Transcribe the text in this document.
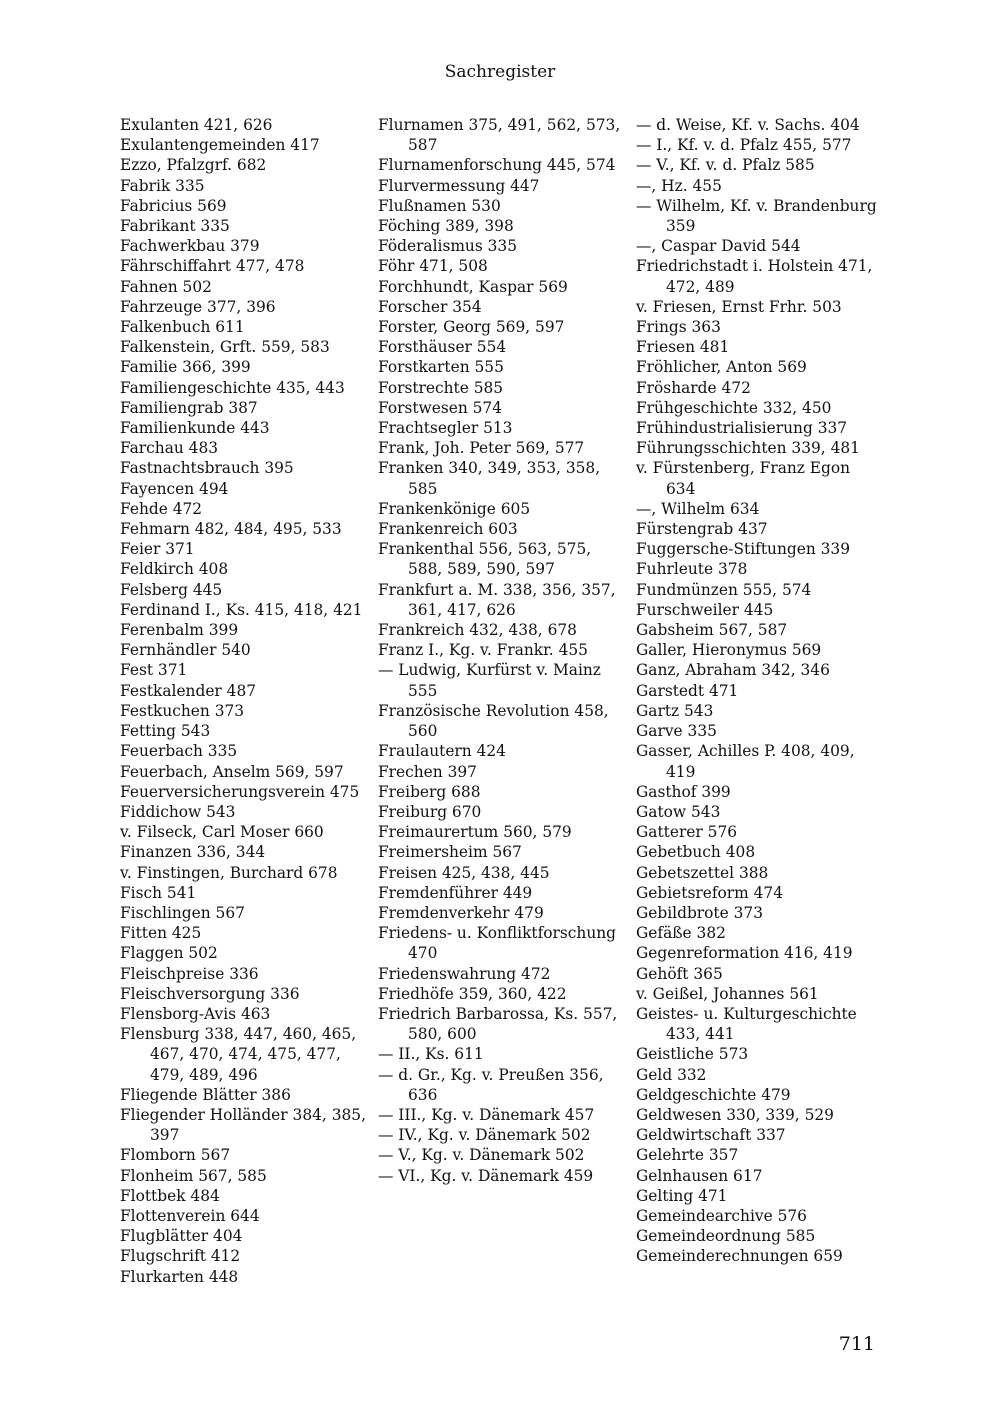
Sachregister

Exulanten 421, 626

Exulantengemeinden 417

Ezzo, Pfalzgrf. 682

Fabrik 335

Fabricius 569

Fabrikant 335

Fachwerkbau 379

Fährschiffahrt 477, 478

Fahnen 502

Fahrzeuge 377, 396

Falkenbuch 611

Falkenstein, Grft. 559, 583

Familie 366, 399

Familiengeschichte 435, 443

Familiengrab 387

Familienkunde 443

Farchau 483

Fastnachtsbrauch 395

Fayencen 494

Fehde 472

Fehmarn 482, 484, 495, 533

Feier 371

Feldkirch 408

Felsberg 445

Ferdinand I., Ks. 415, 418, 421

Ferenbalm 399

Fernhändler 540

Fest 371

Festkalender 487

Festkuchen 373

Fetting 543

Feuerbach 335

Feuerbach, Anselm 569, 597

Feuerversicherungsverein 475

Fiddichow 543

v. Filseck, Carl Moser 660

Finanzen 336, 344

v. Finstingen, Burchard 678

Fisch 541

Fischlingen 567

Fitten 425

Flaggen 502

Fleischpreise 336

Fleischversorgung 336

Flensborg-Avis 463

Flensburg 338, 447, 460, 465, 467, 470, 474, 475, 477, 479, 489, 496

Fliegende Blätter 386

Fliegender Holländer 384, 385, 397

Flomborn 567

Flonheim 567, 585

Flottbek 484

Flottenverein 644

Flugblätter 404

Flugschrift 412

Flurkarten 448

Flurnamen 375, 491, 562, 573, 587

Flurnamenforschung 445, 574

Flurvermessung 447

Flußnamen 530

Föching 389, 398

Föderalismus 335

Föhr 471, 508

Forchhundt, Kaspar 569

Forscher 354

Forster, Georg 569, 597

Forsthäuser 554

Forstkarten 555

Forstrechte 585

Forstwesen 574

Frachtsegler 513

Frank, Joh. Peter 569, 577

Franken 340, 349, 353, 358, 585

Frankenkönige 605

Frankenreich 603

Frankenthal 556, 563, 575, 588, 589, 590, 597

Frankfurt a. M. 338, 356, 357, 361, 417, 626

Frankreich 432, 438, 678

Franz I., Kg. v. Frankr. 455

— Ludwig, Kurfürst v. Mainz 555

Französische Revolution 458, 560

Fraulautern 424

Frechen 397

Freiberg 688

Freiburg 670

Freimaurertum 560, 579

Freimersheim 567

Freisen 425, 438, 445

Fremdenführer 449

Fremdenverkehr 479

Friedens- u. Konfliktforschung 470

Friedenswahrung 472

Friedhöfe 359, 360, 422

Friedrich Barbarossa, Ks. 557, 580, 600

— II., Ks. 611

— d. Gr., Kg. v. Preußen 356, 636

— III., Kg. v. Dänemark 457

— IV., Kg. v. Dänemark 502

— V., Kg. v. Dänemark 502

— VI., Kg. v. Dänemark 459

— d. Weise, Kf. v. Sachs. 404

— I., Kf. v. d. Pfalz 455, 577

— V., Kf. v. d. Pfalz 585

—, Hz. 455

— Wilhelm, Kf. v. Brandenburg 359

—, Caspar David 544

Friedrichstadt i. Holstein 471, 472, 489

v. Friesen, Ernst Frhr. 503

Frings 363

Friesen 481

Fröhlicher, Anton 569

Fröshard​e 472

Frühgeschichte 332, 450

Frühindustrialisierung 337

Führungsschichten 339, 481

v. Fürstenberg, Franz Egon 634

—, Wilhelm 634

Fürstengrab 437

Fuggersche-Stiftungen 339

Fuhrleute 378

Fundmünzen 555, 574

Furschweiler 445

Gabsheim 567, 587

Galler, Hieronymus 569

Ganz, Abraham 342, 346

Garstedt 471

Gartz 543

Garve 335

Gasser, Achilles P. 408, 409, 419

Gasthof 399

Gatow 543

Gatterer 576

Gebetbuch 408

Gebetszettel 388

Gebietsreform 474

Gebildbrote 373

Gefäße 382

Gegenreformation 416, 419

Gehöft 365

v. Geißel, Johannes 561

Geistes- u. Kulturgeschichte 433, 441

Geistliche 573

Geld 332

Geldgeschichte 479

Geldwesen 330, 339, 529

Geldwirtschaft 337

Gelehrte 357

Gelnhausen 617

Gelting 471

Gemeindearchive 576

Gemeindeordnung 585

Gemeinderechnungen 659

711
